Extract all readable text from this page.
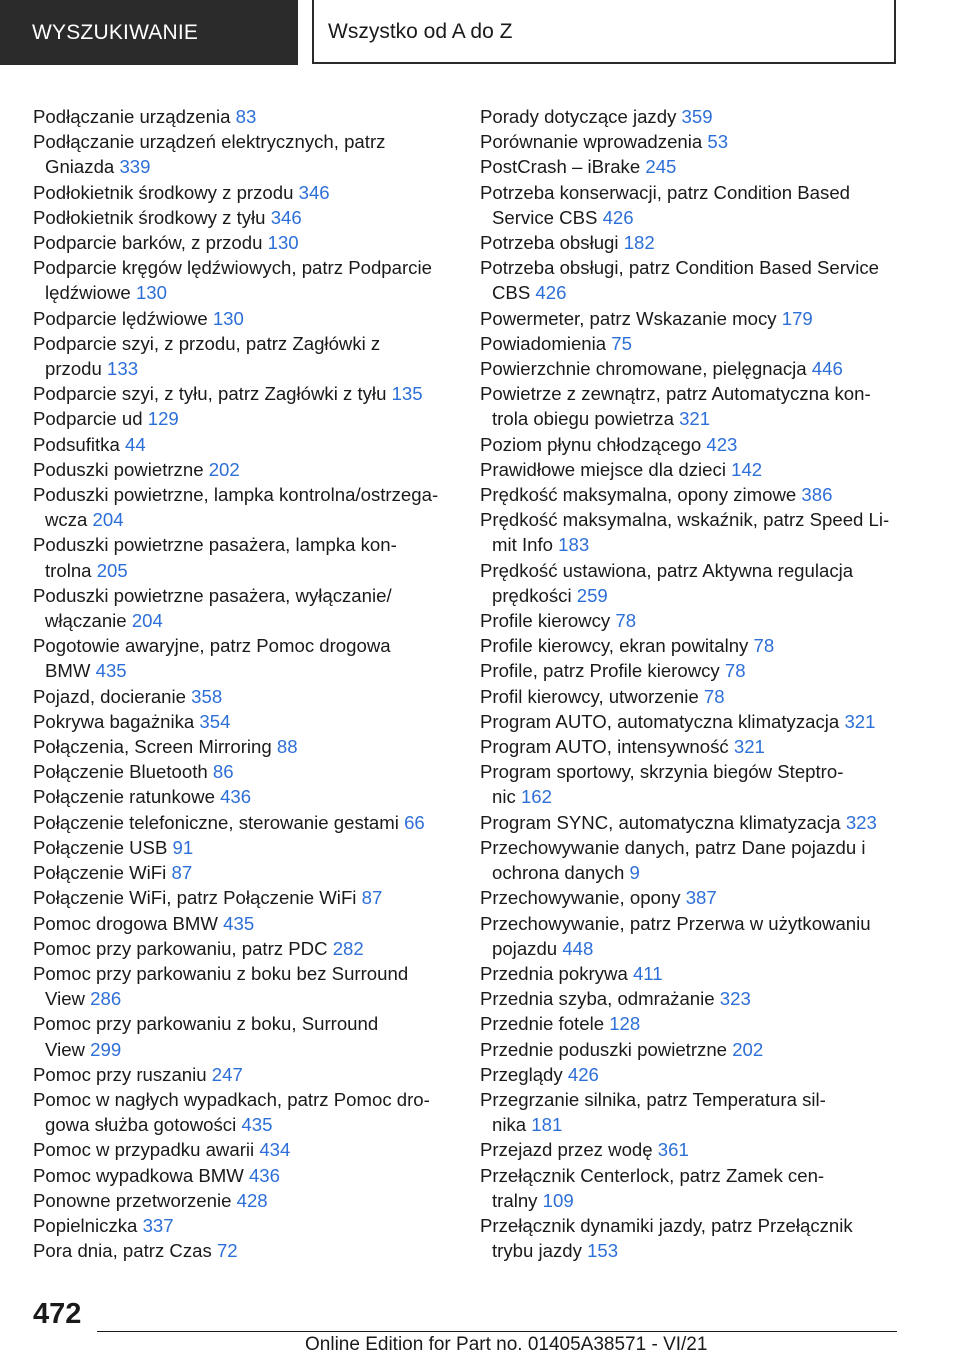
WYSZUKIWANIE	Wszystko od A do Z
Podłączanie urządzenia 83
Podłączanie urządzeń elektrycznych, patrz
Gniazda 339
Podłokietnik środkowy z przodu 346
Podłokietnik środkowy z tyłu 346
Podparcie barków, z przodu 130
Podparcie kręgów lędźwiowych, patrz Podparcie
lędźwiowe 130
Podparcie lędźwiowe 130
Podparcie szyi, z przodu, patrz Zagłówki z
przodu 133
Podparcie szyi, z tyłu, patrz Zagłówki z tyłu 135
Podparcie ud 129
Podsufitka 44
Poduszki powietrzne 202
Poduszki powietrzne, lampka kontrolna/ostrzega‐
wcza 204
Poduszki powietrzne pasażera, lampka kon‐
trolna 205
Poduszki powietrzne pasażera, wyłączanie/
włączanie 204
Pogotowie awaryjne, patrz Pomoc drogowa
BMW 435
Pojazd, docieranie 358
Pokrywa bagażnika 354
Połączenia, Screen Mirroring 88
Połączenie Bluetooth 86
Połączenie ratunkowe 436
Połączenie telefoniczne, sterowanie gestami 66
Połączenie USB 91
Połączenie WiFi 87
Połączenie WiFi, patrz Połączenie WiFi 87
Pomoc drogowa BMW 435
Pomoc przy parkowaniu, patrz PDC 282
Pomoc przy parkowaniu z boku bez Surround
View 286
Pomoc przy parkowaniu z boku, Surround
View 299
Pomoc przy ruszaniu 247
Pomoc w nagłych wypadkach, patrz Pomoc dro‐
gowa służba gotowości 435
Pomoc w przypadku awarii 434
Pomoc wypadkowa BMW 436
Ponowne przetworzenie 428
Popielniczka 337
Pora dnia, patrz Czas 72
Porady dotyczące jazdy 359
Porównanie wprowadzenia 53
PostCrash – iBrake 245
Potrzeba konserwacji, patrz Condition Based
Service CBS 426
Potrzeba obsługi 182
Potrzeba obsługi, patrz Condition Based Service
CBS 426
Powermeter, patrz Wskazanie mocy 179
Powiadomienia 75
Powierzchnie chromowane, pielęgnacja 446
Powietrze z zewnątrz, patrz Automatyczna kon‐
trola obiegu powietrza 321
Poziom płynu chłodzącego 423
Prawidłowe miejsce dla dzieci 142
Prędkość maksymalna, opony zimowe 386
Prędkość maksymalna, wskaźnik, patrz Speed Li‐
mit Info 183
Prędkość ustawiona, patrz Aktywna regulacja
prędkości 259
Profile kierowcy 78
Profile kierowcy, ekran powitalny 78
Profile, patrz Profile kierowcy 78
Profil kierowcy, utworzenie 78
Program AUTO, automatyczna klimatyzacja 321
Program AUTO, intensywność 321
Program sportowy, skrzynia biegów Steptro‐
nic 162
Program SYNC, automatyczna klimatyzacja 323
Przechowywanie danych, patrz Dane pojazdu i
ochrona danych 9
Przechowywanie, opony 387
Przechowywanie, patrz Przerwa w użytkowaniu
pojazdu 448
Przednia pokrywa 411
Przednia szyba, odmrażanie 323
Przednie fotele 128
Przednie poduszki powietrzne 202
Przeglądy 426
Przegrzanie silnika, patrz Temperatura sil‐
nika 181
Przejazd przez wodę 361
Przełącznik Centerlock, patrz Zamek cen‐
tralny 109
Przełącznik dynamiki jazdy, patrz Przełącznik
trybu jazdy 153
472
Online Edition for Part no. 01405A38571 - VI/21
